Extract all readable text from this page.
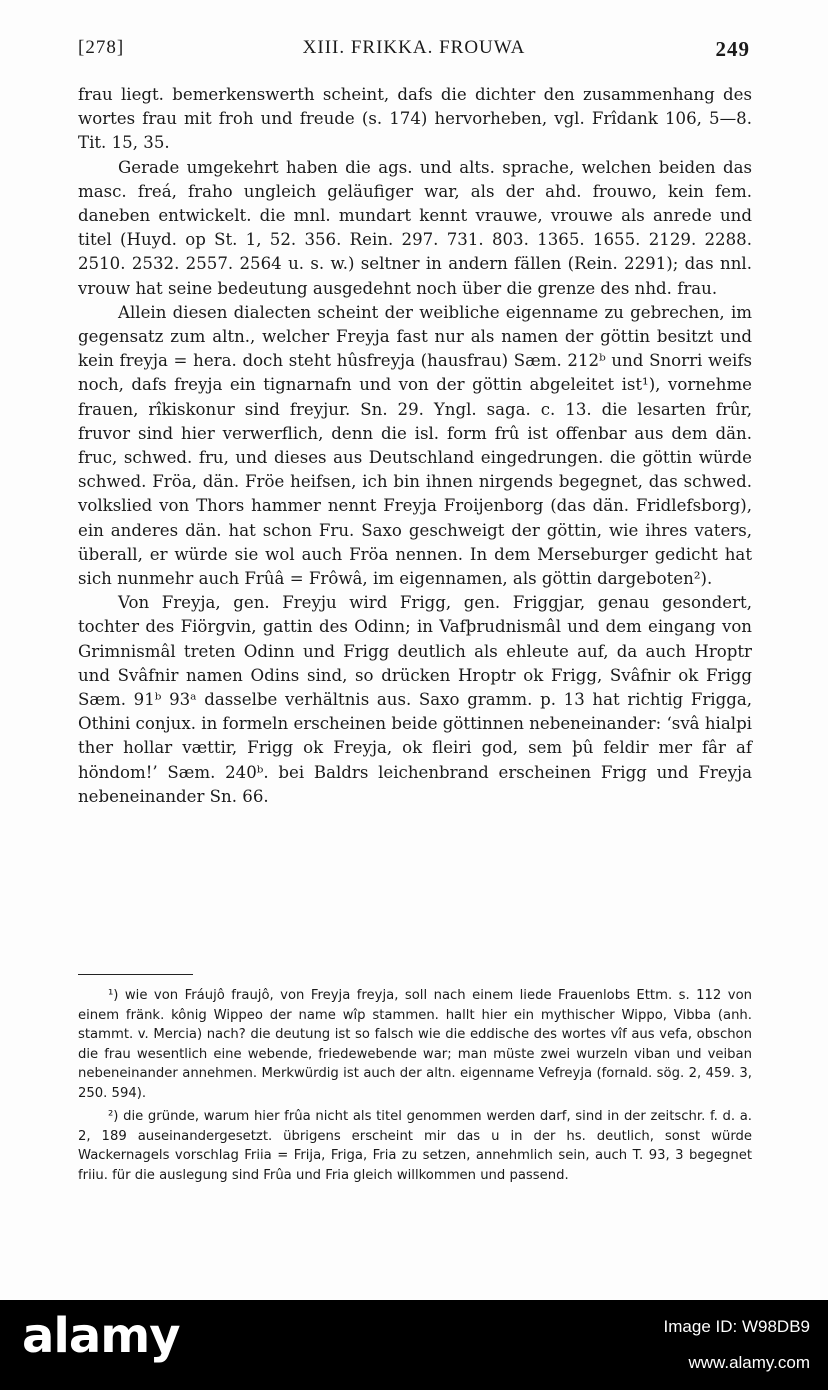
[278]	XIII. FRIKKA. FROUWA	249

frau liegt. bemerkenswerth scheint, dafs die dichter den zusammenhang des wortes frau mit froh und freude (s. 174) hervorheben, vgl. Frîdank 106, 5—8. Tit. 15, 35.

Gerade umgekehrt haben die ags. und alts. sprache, welchen beiden das masc. freá, fraho ungleich geläufiger war, als der ahd. frouwo, kein fem. daneben entwickelt. die mnl. mundart kennt vrauwe, vrouwe als anrede und titel (Huyd. op St. 1, 52. 356. Rein. 297. 731. 803. 1365. 1655. 2129. 2288. 2510. 2532. 2557. 2564 u. s. w.) seltner in andern fällen (Rein. 2291); das nnl. vrouw hat seine bedeutung ausgedehnt noch über die grenze des nhd. frau.

Allein diesen dialecten scheint der weibliche eigenname zu gebrechen, im gegensatz zum altn., welcher Freyja fast nur als namen der göttin besitzt und kein freyja = hera. doch steht hûsfreyja (hausfrau) Sæm. 212ᵇ und Snorri weifs noch, dafs freyja ein tignarnafn und von der göttin abgeleitet ist¹), vornehme frauen, rîkiskonur sind freyjur. Sn. 29. Yngl. saga. c. 13. die lesarten frûr, fruvor sind hier verwerflich, denn die isl. form frû ist offenbar aus dem dän. fruc, schwed. fru, und dieses aus Deutschland eingedrungen. die göttin würde schwed. Fröa, dän. Fröe heifsen, ich bin ihnen nirgends begegnet, das schwed. volkslied von Thors hammer nennt Freyja Froijenborg (das dän. Fridlefsborg), ein anderes dän. hat schon Fru. Saxo geschweigt der göttin, wie ihres vaters, überall, er würde sie wol auch Fröa nennen. In dem Merseburger gedicht hat sich nunmehr auch Frûâ = Frôwâ, im eigennamen, als göttin dargeboten²).

Von Freyja, gen. Freyju wird Frigg, gen. Friggjar, genau gesondert, tochter des Fiörgvin, gattin des Odinn; in Vafþrudnismâl und dem eingang von Grimnismâl treten Odinn und Frigg deutlich als ehleute auf, da auch Hroptr und Svâfnir namen Odins sind, so drücken Hroptr ok Frigg, Svâfnir ok Frigg Sæm. 91ᵇ 93ᵃ dasselbe verhältnis aus. Saxo gramm. p. 13 hat richtig Frigga, Othini conjux. in formeln erscheinen beide göttinnen nebeneinander: ‘svâ hialpi ther hollar vættir, Frigg ok Freyja, ok fleiri god, sem þû feldir mer fâr af höndom!’ Sæm. 240ᵇ. bei Baldrs leichenbrand erscheinen Frigg und Freyja nebeneinander Sn. 66.

¹) wie von Fráujô fraujô, von Freyja freyja, soll nach einem liede Frauenlobs Ettm. s. 112 von einem fränk. kônig Wippeo der name wîp stammen. hallt hier ein mythischer Wippo, Vibba (anh. stammt. v. Mercia) nach? die deutung ist so falsch wie die eddische des wortes vîf aus vefa, obschon die frau wesentlich eine webende, friedewebende war; man müste zwei wurzeln viban und veiban nebeneinander annehmen. Merkwürdig ist auch der altn. eigenname Vefreyja (fornald. sög. 2, 459. 3, 250. 594).

²) die gründe, warum hier frûa nicht als titel genommen werden darf, sind in der zeitschr. f. d. a. 2, 189 auseinandergesetzt. übrigens erscheint mir das u in der hs. deutlich, sonst würde Wackernagels vorschlag Friia = Frija, Friga, Fria zu setzen, annehmlich sein, auch T. 93, 3 begegnet friiu. für die auslegung sind Frûa und Fria gleich willkommen und passend.

alamy	Image ID: W98DB9
www.alamy.com
